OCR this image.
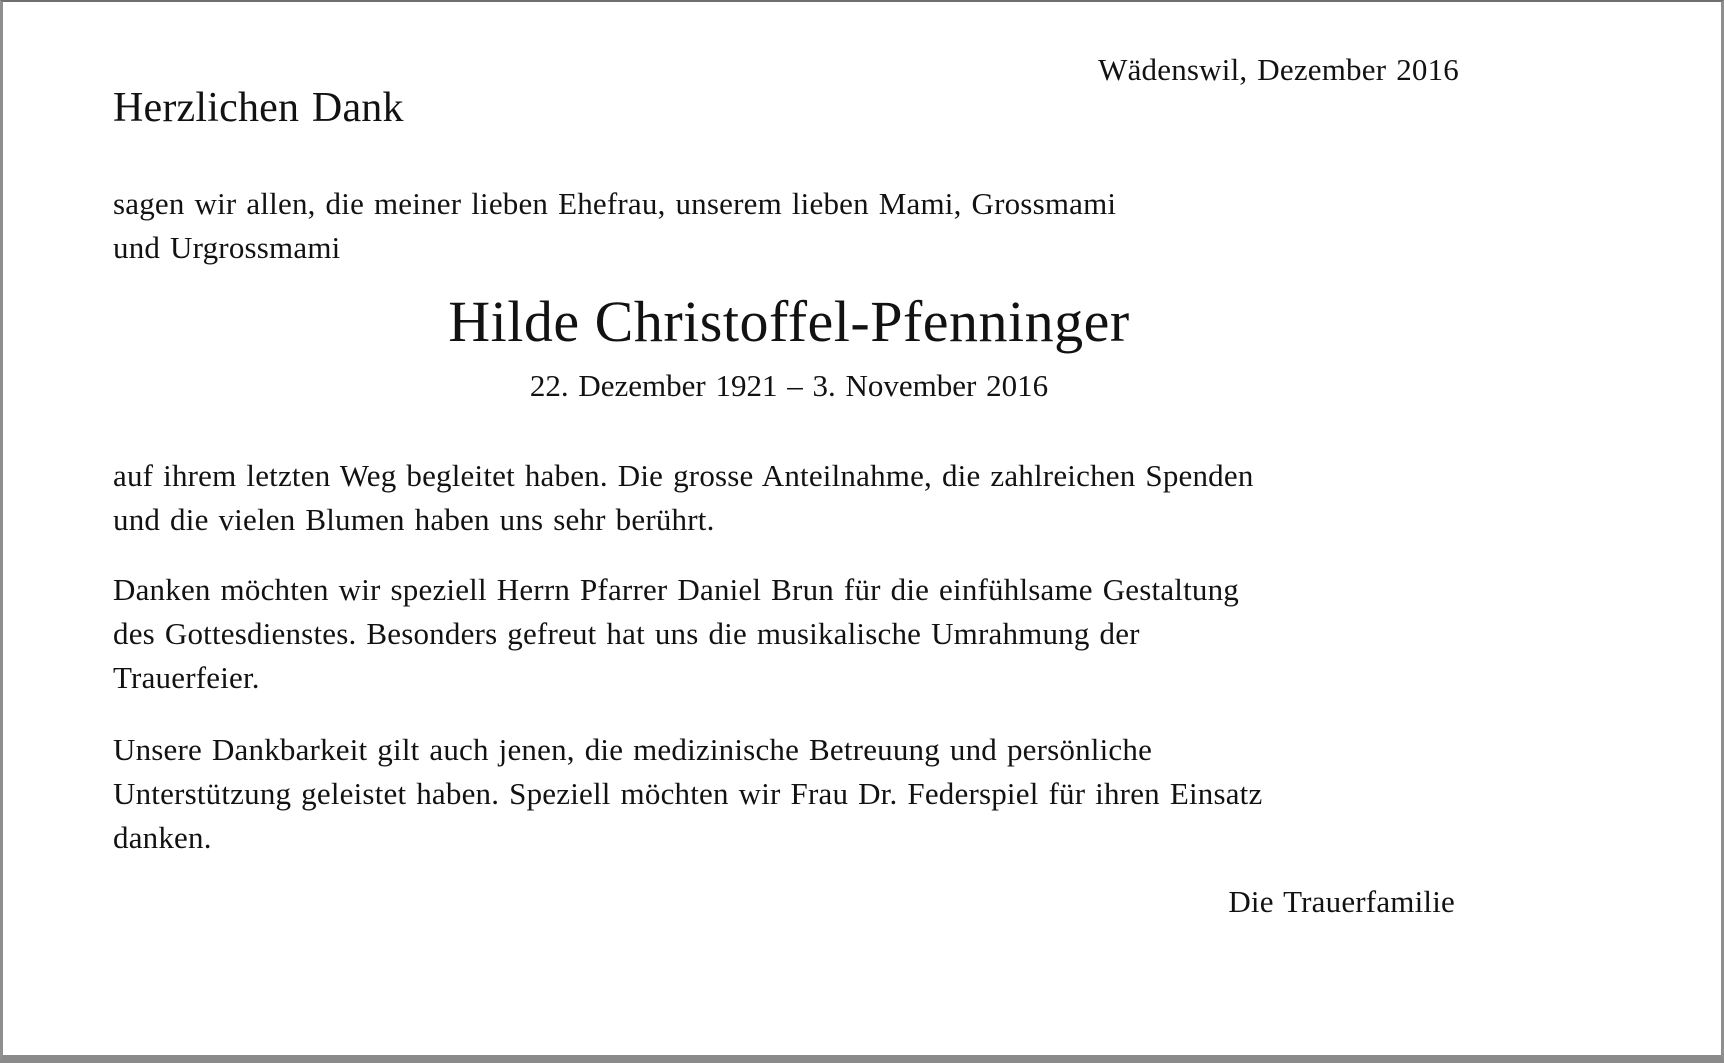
Wädenswil, Dezember 2016
Herzlichen Dank
sagen wir allen, die meiner lieben Ehefrau, unserem lieben Mami, Grossmami
und Urgrossmami
Hilde Christoffel-Pfenninger
22. Dezember 1921 – 3. November 2016
auf ihrem letzten Weg begleitet haben. Die grosse Anteilnahme, die zahlreichen Spenden
und die vielen Blumen haben uns sehr berührt.
Danken möchten wir speziell Herrn Pfarrer Daniel Brun für die einfühlsame Gestaltung
des Gottesdienstes. Besonders gefreut hat uns die musikalische Umrahmung der
Trauerfeier.
Unsere Dankbarkeit gilt auch jenen, die medizinische Betreuung und persönliche
Unterstützung geleistet haben. Speziell möchten wir Frau Dr. Federspiel für ihren Einsatz
danken.
Die Trauerfamilie
